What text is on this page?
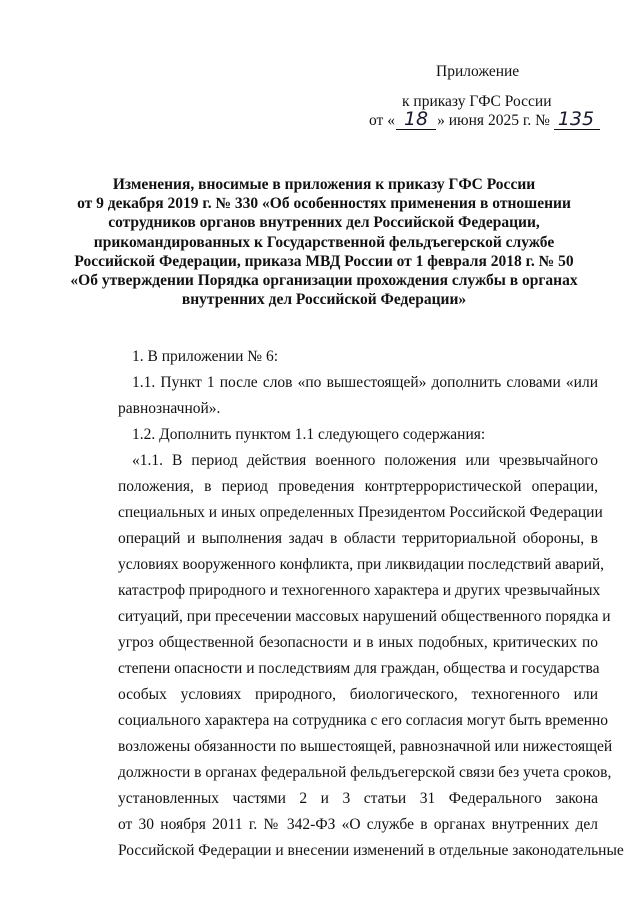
Приложение
к приказу ГФС России
от « 18 » июня 2025 г. № 135
Изменения, вносимые в приложения к приказу ГФС России
от 9 декабря 2019 г. № 330 «Об особенностях применения в отношении
сотрудников органов внутренних дел Российской Федерации,
прикомандированных к Государственной фельдъегерской службе
Российской Федерации, приказа МВД России от 1 февраля 2018 г. № 50
«Об утверждении Порядка организации прохождения службы в органах
внутренних дел Российской Федерации»
1. В приложении № 6:
1.1. Пункт 1 после слов «по вышестоящей» дополнить словами «или
равнозначной».
1.2. Дополнить пунктом 1.1 следующего содержания:
«1.1. В период действия военного положения или чрезвычайного
положения, в период проведения контртеррористической операции,
специальных и иных определенных Президентом Российской Федерации
операций и выполнения задач в области территориальной обороны, в
условиях вооруженного конфликта, при ликвидации последствий аварий,
катастроф природного и техногенного характера и других чрезвычайных
ситуаций, при пресечении массовых нарушений общественного порядка и
угроз общественной безопасности и в иных подобных, критических по
степени опасности и последствиям для граждан, общества и государства
особых условиях природного, биологического, техногенного или
социального характера на сотрудника с его согласия могут быть временно
возложены обязанности по вышестоящей, равнозначной или нижестоящей
должности в органах федеральной фельдъегерской связи без учета сроков,
установленных частями 2 и 3 статьи 31 Федерального закона
от 30 ноября 2011 г. № 342-ФЗ «О службе в органах внутренних дел
Российской Федерации и внесении изменений в отдельные законодательные
